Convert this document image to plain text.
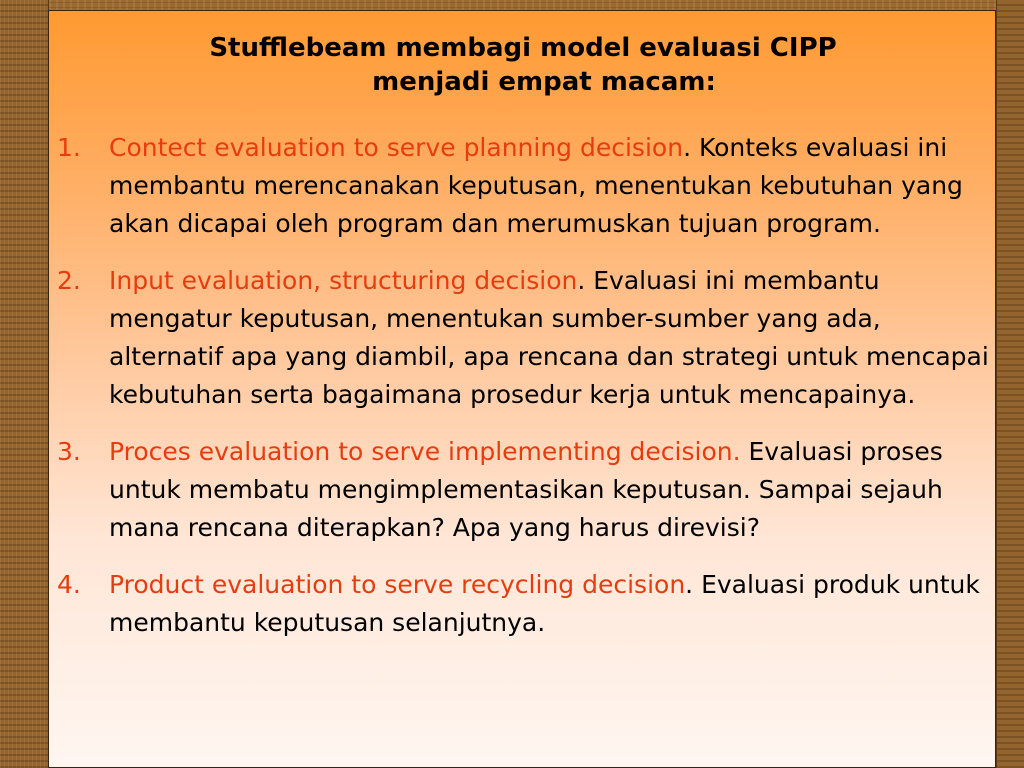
Stufflebeam membagi model evaluasi CIPP
menjadi empat macam:
1. Contect evaluation to serve planning decision. Konteks evaluasi ini membantu merencanakan keputusan, menentukan kebutuhan yang akan dicapai oleh program dan merumuskan tujuan program.
2. Input evaluation, structuring decision. Evaluasi ini membantu mengatur keputusan, menentukan sumber-sumber yang ada, alternatif apa yang diambil, apa rencana dan strategi untuk mencapai kebutuhan serta bagaimana prosedur kerja untuk mencapainya.
3. Proces evaluation to serve implementing decision. Evaluasi proses untuk membatu mengimplementasikan keputusan. Sampai sejauh mana rencana diterapkan? Apa yang harus direvisi?
4. Product evaluation to serve recycling decision. Evaluasi produk untuk membantu keputusan selanjutnya.
